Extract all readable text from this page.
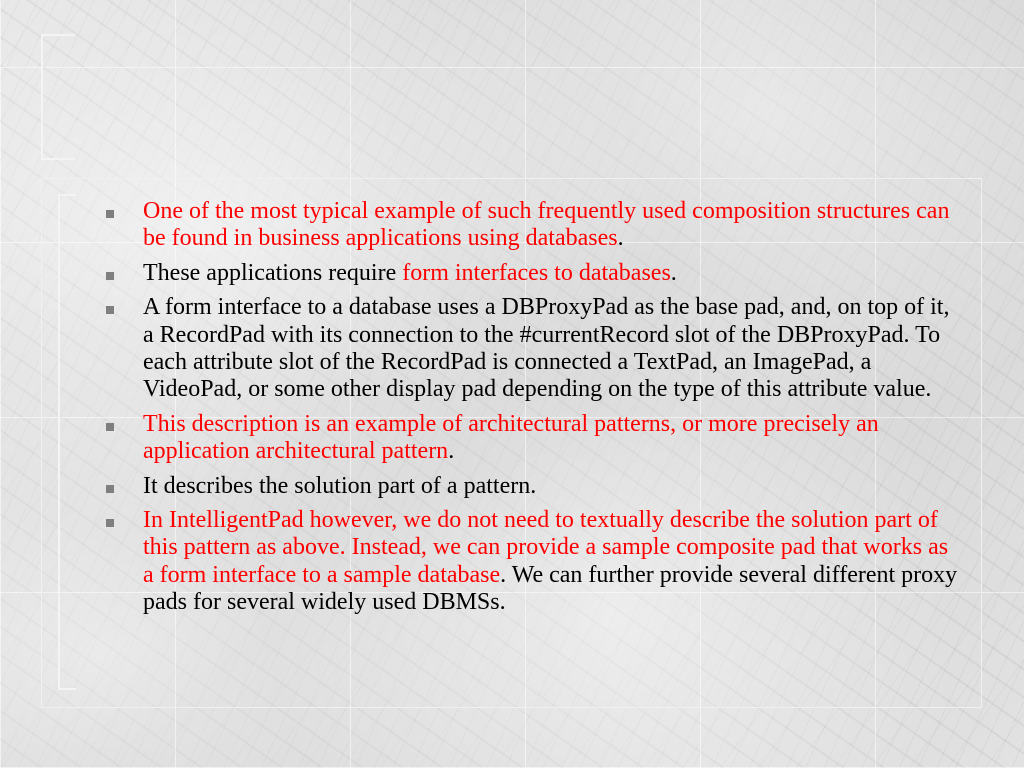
One of the most typical example of such frequently used composition structures can be found in business applications using databases.
These applications require form interfaces to databases.
A form interface to a database uses a DBProxyPad as the base pad, and, on top of it, a RecordPad with its connection to the #currentRecord slot of the DBProxyPad. To each attribute slot of the RecordPad is connected a TextPad, an ImagePad, a VideoPad, or some other display pad depending on the type of this attribute value.
This description is an example of architectural patterns, or more precisely an application architectural pattern.
It describes the solution part of a pattern.
In IntelligentPad however, we do not need to textually describe the solution part of this pattern as above. Instead, we can provide a sample composite pad that works as a form interface to a sample database. We can further provide several different proxy pads for several widely used DBMSs.
